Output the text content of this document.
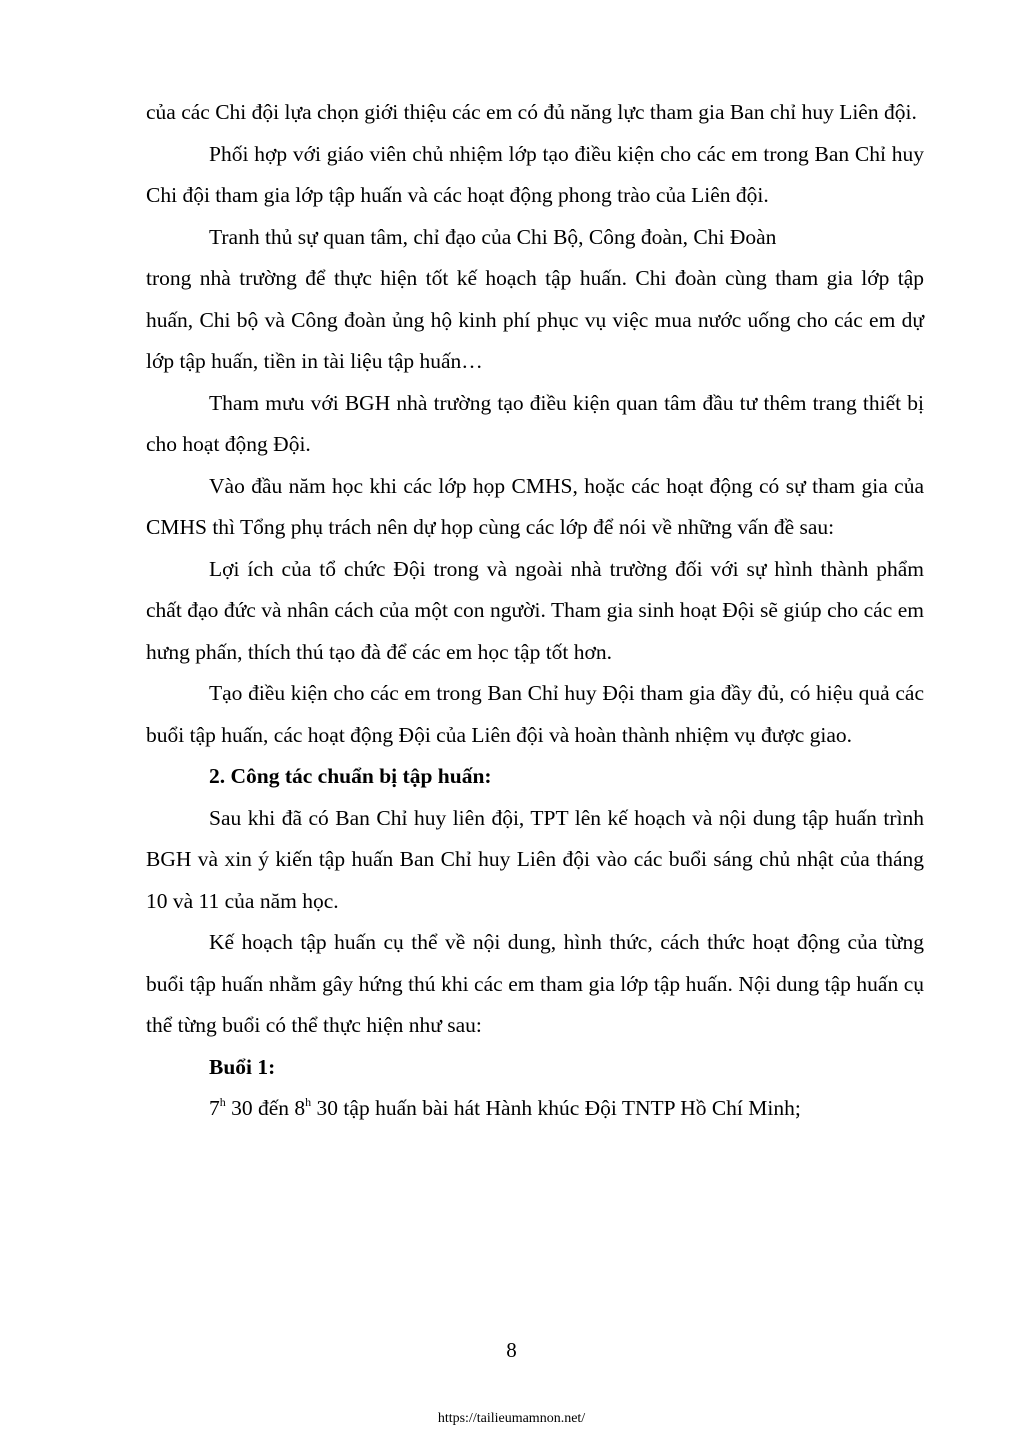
của các Chi đội lựa chọn giới thiệu các em có đủ năng lực tham gia Ban chỉ huy Liên đội.

Phối hợp với giáo viên chủ nhiệm lớp tạo điều kiện cho các em trong Ban Chỉ huy Chi đội tham gia lớp tập huấn và các hoạt động phong trào của Liên đội.

Tranh thủ sự quan tâm, chỉ đạo của Chi Bộ, Công đoàn, Chi Đoàn

trong nhà trường để thực hiện tốt kế hoạch tập huấn. Chi đoàn cùng tham gia lớp tập huấn, Chi bộ và Công đoàn ủng hộ kinh phí phục vụ việc mua nước uống cho các em dự lớp tập huấn, tiền in tài liệu tập huấn…

Tham mưu với BGH nhà trường tạo điều kiện quan tâm đầu tư thêm trang thiết bị cho hoạt động Đội.

Vào đầu năm học khi các lớp họp CMHS, hoặc các hoạt động có sự tham gia của CMHS thì Tổng phụ trách nên dự họp cùng các lớp để nói về những vấn đề sau:

Lợi ích của tổ chức Đội trong và ngoài nhà trường đối với sự hình thành phẩm chất đạo đức và nhân cách của một con người. Tham gia sinh hoạt Đội sẽ giúp cho các em hưng phấn, thích thú tạo đà để các em học tập tốt hơn.

Tạo điều kiện cho các em trong Ban Chỉ huy Đội tham gia đầy đủ, có hiệu quả các buổi tập huấn, các hoạt động Đội của Liên đội và hoàn thành nhiệm vụ được giao.

2. Công tác chuẩn bị tập huấn:

Sau khi đã có Ban Chỉ huy liên đội, TPT lên kế hoạch và nội dung tập huấn trình BGH và xin ý kiến tập huấn Ban Chỉ huy Liên đội vào các buổi sáng chủ nhật của tháng 10 và 11 của năm học.

Kế hoạch tập huấn cụ thể về nội dung, hình thức, cách thức hoạt động của từng buổi tập huấn nhằm gây hứng thú khi các em tham gia lớp tập huấn. Nội dung tập huấn cụ thể từng buổi có thể thực hiện như sau:

Buổi 1:

7$^h$ 30 đến 8$^h$ 30 tập huấn bài hát Hành khúc Đội TNTP Hồ Chí Minh;

8
https://tailieumamnon.net/
